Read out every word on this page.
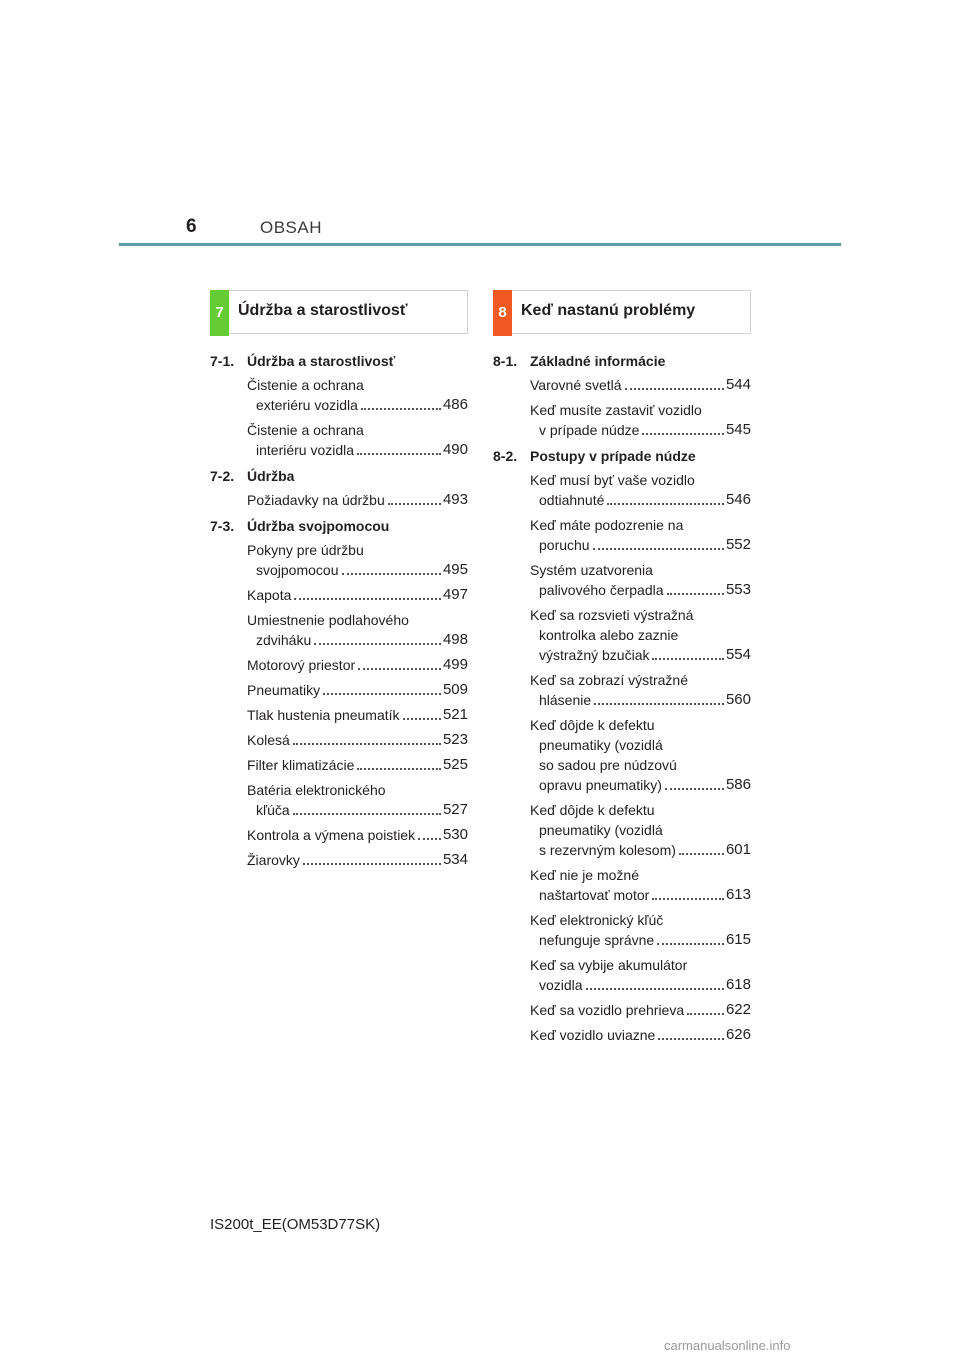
6	OBSAH
7 Údržba a starostlivosť
7-1. Údržba a starostlivosť
Čistenie a ochrana
exteriéru vozidla	486
Čistenie a ochrana
interiéru vozidla	490
7-2. Údržba
Požiadavky na údržbu	493
7-3. Údržba svojpomocou
Pokyny pre údržbu
svojpomocou	495
Kapota	497
Umiestnenie podlahového
zdviháku	498
Motorový priestor	499
Pneumatiky	509
Tlak hustenia pneumatík	521
Kolesá	523
Filter klimatizácie	525
Batéria elektronického
kľúča	527
Kontrola a výmena poistiek 530
Žiarovky	534
8 Keď nastanú problémy
8-1. Základné informácie
Varovné svetlá	544
Keď musíte zastaviť vozidlo
v prípade núdze	545
8-2. Postupy v prípade núdze
Keď musí byť vaše vozidlo
odtiahnuté	546
Keď máte podozrenie na
poruchu	552
Systém uzatvorenia
palivového čerpadla	553
Keď sa rozsvieti výstražná
kontrolka alebo zaznie
výstražný bzučiak	554
Keď sa zobrazí výstražné
hlásenie	560
Keď dôjde k defektu
pneumatiky (vozidlá
so sadou pre núdzovú
opravu pneumatiky)	586
Keď dôjde k defektu
pneumatiky (vozidlá
s rezervným kolesom)	601
Keď nie je možné
naštartovať motor	613
Keď elektronický kľúč
nefunguje správne	615
Keď sa vybije akumulátor
vozidla	618
Keď sa vozidlo prehrieva	622
Keď vozidlo uviazne	626
IS200t_EE(OM53D77SK)
carmanualsonline.info
